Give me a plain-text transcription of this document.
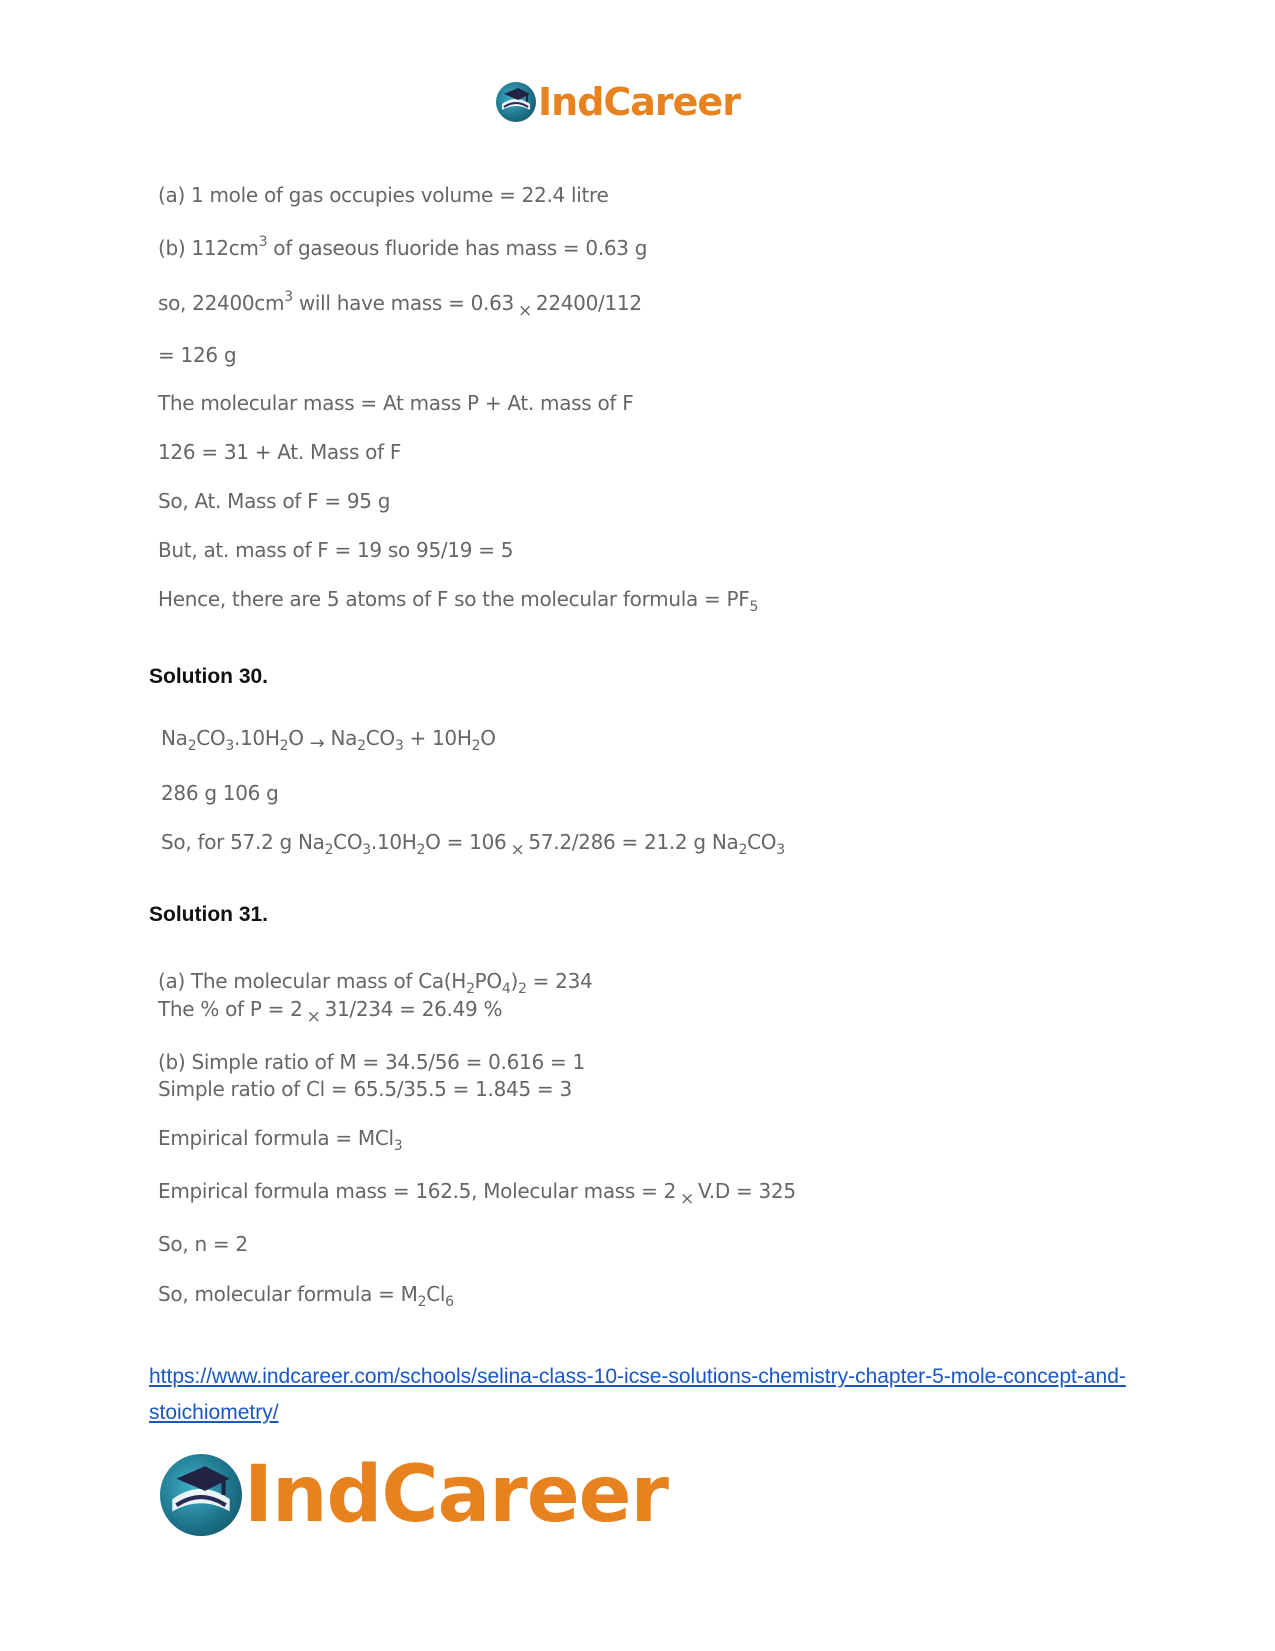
IndCareer
(a) 1 mole of gas occupies volume = 22.4 litre
(b) $112cm^3$ of gaseous fluoride has mass = 0.63 g
so, $22400cm^3$ will have mass = 0.63 $_\times$ 22400/112
= 126 g
The molecular mass = At mass P + At. mass of F
126 = 31 + At. Mass of F
So, At. Mass of F = 95 g
But, at. mass of F = 19 so 95/19 = 5
Hence, there are 5 atoms of F so the molecular formula = $PF_5$
Solution 30.
$Na_2CO_3.10H_2O \to Na_2CO_3 + 10H_2O$
286 g 106 g
So, for 57.2 g $Na_2CO_3.10H_2O = 106$ $_\times$ 57.2/286 = 21.2 g $Na_2CO_3$
Solution 31.
(a) The molecular mass of $Ca(H_2PO_4)_2 = 234$
The % of P = 2 $_\times$ 31/234 = 26.49 %
(b) Simple ratio of M = 34.5/56 = 0.616 = 1
Simple ratio of Cl = 65.5/35.5 = 1.845 = 3
Empirical formula = MCl$_3$
Empirical formula mass = 162.5, Molecular mass = 2 $_\times$ V.D = 325
So, n = 2
So, molecular formula = $M_2Cl_6$
https://www.indcareer.com/schools/selina-class-10-icse-solutions-chemistry-chapter-5-mole-concept-and-stoichiometry/
IndCareer
